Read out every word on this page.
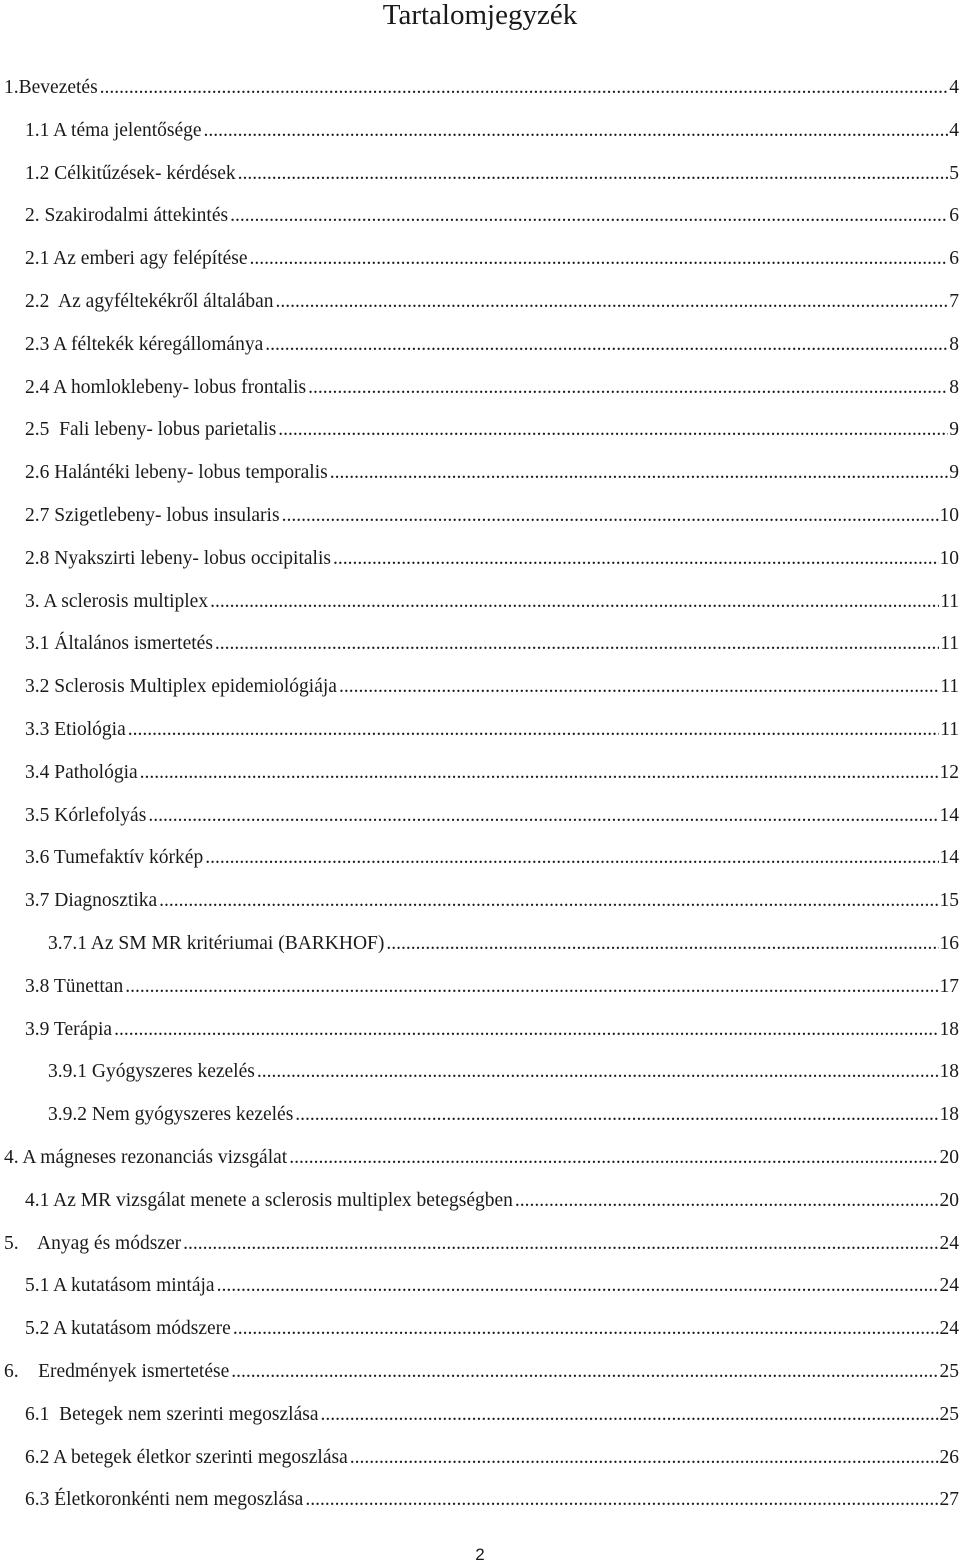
Tartalomjegyzék
1.Bevezetés .....	4
1.1 A téma jelentősége .....	4
1.2 Célkitűzések- kérdések .....	5
2. Szakirodalmi áttekintés .....	6
2.1 Az emberi agy felépítése .....	6
2.2  Az agyféltekékről általában .....	7
2.3 A féltekék kéregállománya .....	8
2.4 A homloklebeny- lobus frontalis .....	8
2.5  Fali lebeny- lobus parietalis .....	9
2.6 Halántéki lebeny- lobus temporalis .....	9
2.7 Szigetlebeny- lobus insularis .....	10
2.8 Nyakszirti lebeny- lobus occipitalis .....	10
3. A sclerosis multiplex .....	11
3.1 Általános ismertetés .....	11
3.2 Sclerosis Multiplex epidemiológiája .....	11
3.3 Etiológia .....	11
3.4 Pathológia .....	12
3.5 Kórlefolyás .....	14
3.6 Tumefaktív kórkép .....	14
3.7 Diagnosztika .....	15
3.7.1 Az SM MR kritériumai (BARKHOF) .....	16
3.8 Tünettan .....	17
3.9 Terápia .....	18
3.9.1 Gyógyszeres kezelés .....	18
3.9.2 Nem gyógyszeres kezelés .....	18
4. A mágneses rezonanciás vizsgálat .....	20
4.1 Az MR vizsgálat menete a sclerosis multiplex betegségben .....	20
5.    Anyag és módszer .....	24
5.1 A kutatásom mintája .....	24
5.2 A kutatásom módszere .....	24
6.    Eredmények ismertetése .....	25
6.1  Betegek nem szerinti megoszlása .....	25
6.2 A betegek életkor szerinti megoszlása .....	26
6.3 Életkoronkénti nem megoszlása .....	27
2
